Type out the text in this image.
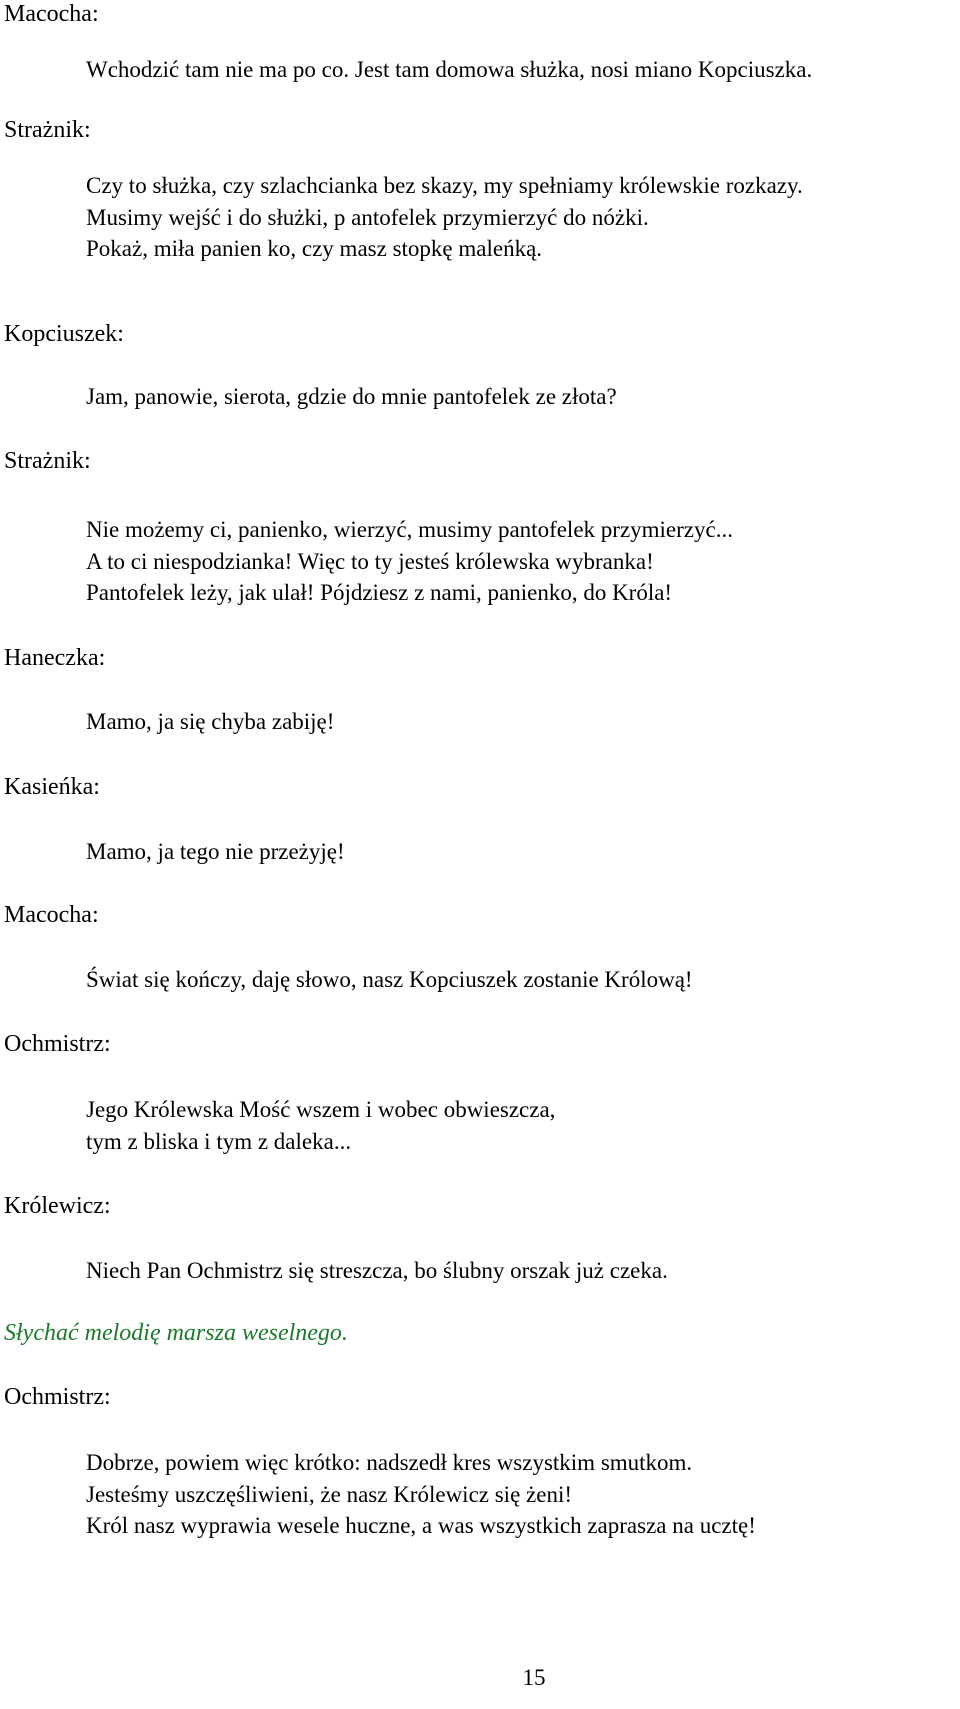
Macocha:
Wchodzić tam nie ma po co. Jest tam domowa służka, nosi miano Kopciuszka.
Strażnik:
Czy to służka, czy szlachcianka bez skazy, my spełniamy królewskie rozkazy.
Musimy wejść i do służki, p antofelek przymierzyć do nóżki.
Pokaż, miła panien ko, czy masz stopkę maleńką.
Kopciuszek:
Jam, panowie, sierota, gdzie do mnie pantofelek ze złota?
Strażnik:
Nie możemy ci, panienko, wierzyć, musimy pantofelek przymierzyć...
A to ci niespodzianka! Więc to ty jesteś królewska wybranka!
Pantofelek leży, jak ulał! Pójdziesz z nami, panienko, do Króla!
Haneczka:
Mamo, ja się chyba zabiję!
Kasieńka:
Mamo, ja tego nie przeżyję!
Macocha:
Świat się kończy, daję słowo, nasz Kopciuszek zostanie Królową!
Ochmistrz:
Jego Królewska Mość wszem i wobec obwieszcza,
tym z bliska i tym z daleka...
Królewicz:
Niech Pan Ochmistrz się streszcza, bo ślubny orszak już czeka.
Słychać melodię marsza weselnego.
Ochmistrz:
Dobrze, powiem więc krótko: nadszedł kres wszystkim smutkom.
Jesteśmy uszczęśliwieni, że nasz Królewicz się żeni!
Król nasz wyprawia wesele huczne, a was wszystkich zaprasza na ucztę!
15
